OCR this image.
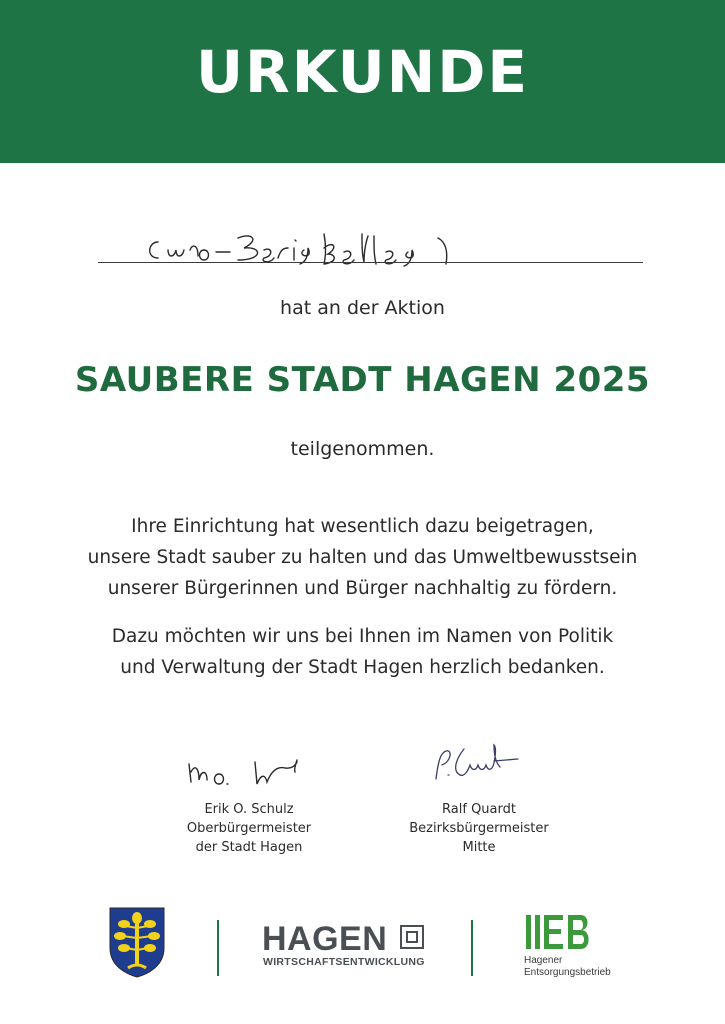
URKUNDE
hat an der Aktion
SAUBERE STADT HAGEN 2025
teilgenommen.
Ihre Einrichtung hat wesentlich dazu beigetragen,
unsere Stadt sauber zu halten und das Umweltbewusstsein
unserer Bürgerinnen und Bürger nachhaltig zu fördern.
Dazu möchten wir uns bei Ihnen im Namen von Politik
und Verwaltung der Stadt Hagen herzlich bedanken.
Erik O. Schulz
Oberbürgermeister
der Stadt Hagen
Ralf Quardt
Bezirksbürgermeister
Mitte
HAGEN
WIRTSCHAFTSENTWICKLUNG	Hagener
Entsorgungsbetrieb
